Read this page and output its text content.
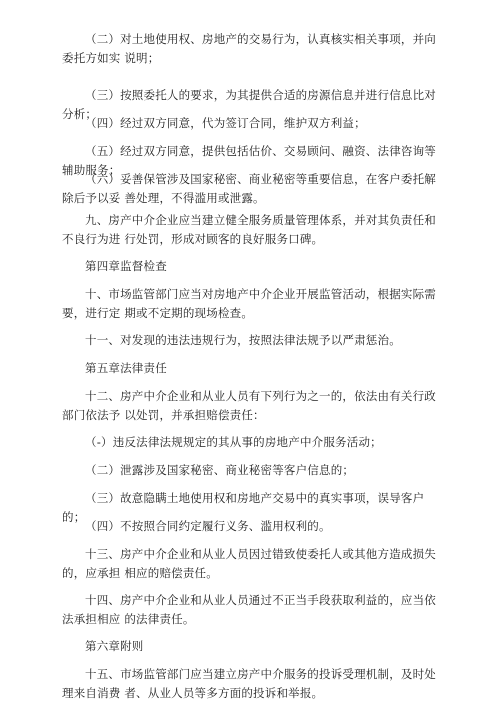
（二）对土地使用权、房地产的交易行为，认真核实相关事项，并向委托方如实 说明；
（三）按照委托人的要求，为其提供合适的房源信息并进行信息比对分析；
（四）经过双方同意，代为签订合同，维护双方利益；
（五）经过双方同意，提供包括估价、交易顾问、融资、法律咨询等辅助服务；
（六）妥善保管涉及国家秘密、商业秘密等重要信息，在客户委托解除后予以妥 善处理，不得滥用或泄露。
九、房产中介企业应当建立健全服务质量管理体系，并对其负责任和不良行为进 行处罚，形成对顾客的良好服务口碑。
第四章监督检查
十、市场监管部门应当对房地产中介企业开展监管活动，根据实际需要，进行定 期或不定期的现场检查。
十一、对发现的违法违规行为，按照法律法规予以严肃惩治。
第五章法律责任
十二、房产中介企业和从业人员有下列行为之一的，依法由有关行政部门依法予 以处罚，并承担赔偿责任：
（-）违反法律法规规定的其从事的房地产中介服务活动；
（二）泄露涉及国家秘密、商业秘密等客户信息的；
（三）故意隐瞒土地使用权和房地产交易中的真实事项，误导客户的；
（四）不按照合同约定履行义务、滥用权利的。
十三、房产中介企业和从业人员因过错致使委托人或其他方造成损失的，应承担 相应的赔偿责任。
十四、房产中介企业和从业人员通过不正当手段获取利益的，应当依法承担相应 的法律责任。
第六章附则
十五、市场监管部门应当建立房产中介服务的投诉受理机制，及时处理来自消费 者、从业人员等多方面的投诉和举报。
